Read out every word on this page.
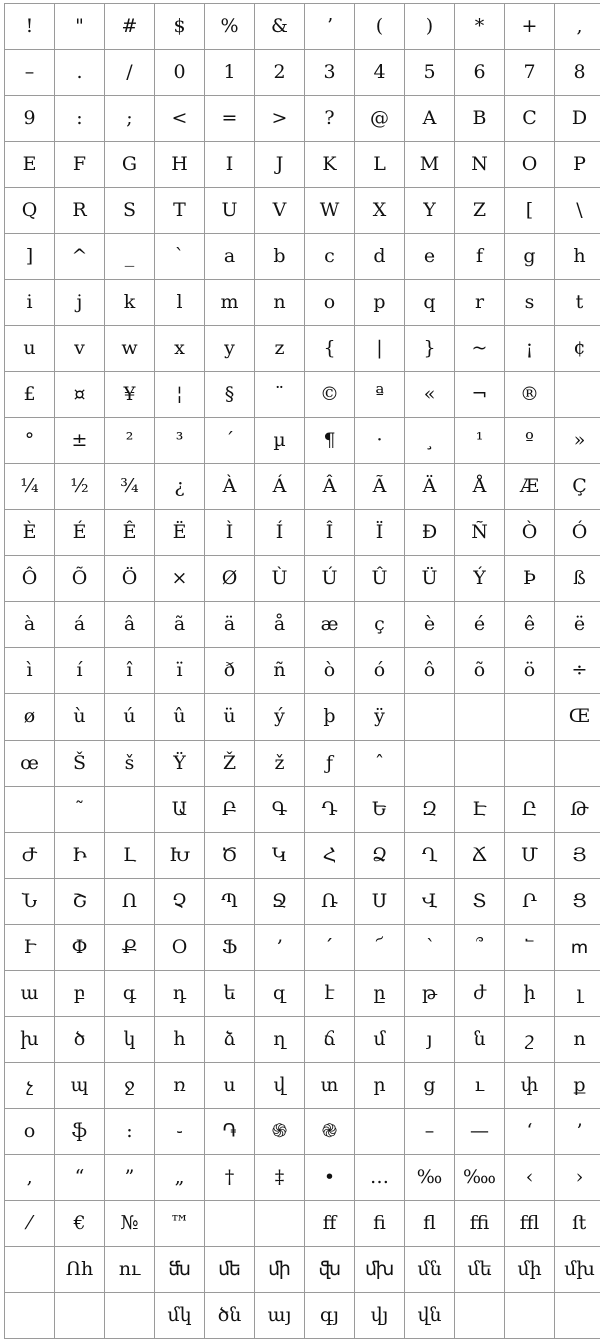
!	"	#	$	%	&	ʼ	(	)	*	+	,
–	.	/	0	1	2	3	4	5	6	7	8
9	:	;	<	=	>	?	@	A	B	C	D
E	F	G	H	I	J	K	L	M	N	O	P
Q	R	S	T	U	V	W	X	Y	Z	[	\
]	^	_	`	a	b	c	d	e	f	g	h
i	j	k	l	m	n	o	p	q	r	s	t
u	v	w	x	y	z	{	|	}	~	¡	¢
£	¤	¥	¦	§	¨	©	ª	«	¬	®	
°	±	²	³	´	µ	¶	·	¸	¹	º	»
¼	½	¾	¿	À	Á	Â	Ã	Ä	Å	Æ	Ç
È	É	Ê	Ë	Ì	Í	Î	Ï	Ð	Ñ	Ò	Ó
Ô	Õ	Ö	×	Ø	Ù	Ú	Û	Ü	Ý	Þ	ß
à	á	â	ã	ä	å	æ	ç	è	é	ê	ë
ì	í	î	ï	ð	ñ	ò	ó	ô	õ	ö	÷
ø	ù	ú	û	ü	ý	þ	ÿ				Œ
œ	Š	š	Ÿ	Ž	ž	ƒ	ˆ				
	˜		Ա	Բ	Գ	Դ	Ե	Զ	Է	Ը	Թ
Ժ	Ի	Լ	Խ	Ծ	Կ	Հ	Ձ	Ղ	Ճ	Մ	Յ
Ն	Շ	Ո	Չ	Պ	Ջ	Ռ	Ս	Վ	Տ	Ր	Ց
Ւ	Փ	Ք	Օ	Ֆ	՚	՛	՜	՝	՞	՟	ՠ
ա	բ	գ	դ	ե	զ	է	ը	թ	ժ	ի	լ
խ	ծ	կ	հ	ձ	ղ	ճ	մ	յ	ն	շ	ո
չ	պ	ջ	ռ	ս	վ	տ	ր	ց	ւ	փ	ք
օ	ֆ	։	֊	֏	֍	֎		–	—	‘	’
‚	“	”	„	†	‡	•	…	‰	‱	‹	›
⁄	€	№	™			ﬀ	ﬁ	ﬂ	ﬃ	ﬄ	ﬅ
	Ոh	ու	ﬓ	ﬔ	ﬕ	ﬖ	ﬗ	մն	մե	մի	մխ
			մկ	ծն	այ	գյ	վյ	վն			
